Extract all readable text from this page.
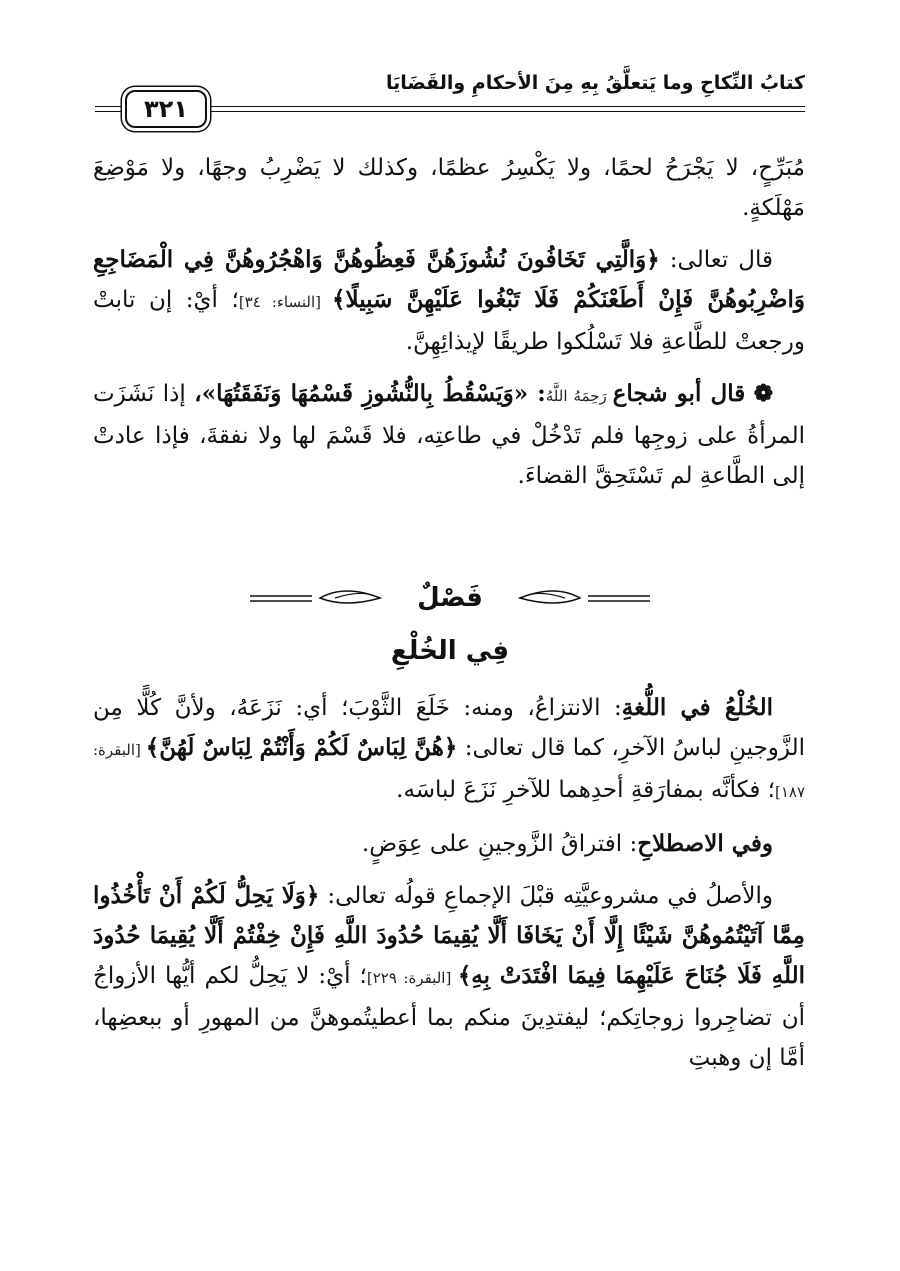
كتابُ النِّكاحِ وما يَتعلَّقُ بِهِ مِنَ الأحكامِ والقَضَايَا
٣٢١

مُبَرِّحٍ، لا يَجْرَحُ لحمًا، ولا يَكْسِرُ عظمًا، وكذلك لا يَضْرِبُ وجهًا، ولا مَوْضِعَ مَهْلَكةٍ.

قال تعالى: ﴿وَالَّتِي تَخَافُونَ نُشُوزَهُنَّ فَعِظُوهُنَّ وَاهْجُرُوهُنَّ فِي الْمَضَاجِعِ وَاضْرِبُوهُنَّ فَإِنْ أَطَعْنَكُمْ فَلَا تَبْغُوا عَلَيْهِنَّ سَبِيلًا﴾ [النساء: ٣٤]؛ أيْ: إن تابتْ ورجعتْ للطَّاعةِ فلا تَسْلُكوا طريقًا لإيذائِهِنَّ.

❁ قال أبو شجاع رَحِمَهُ اللَّهُ: «وَيَسْقُطُ بِالنُّشُوزِ قَسْمُهَا وَنَفَقَتُهَا»، إذا نَشَزَت المرأةُ على زوجِها فلم تَدْخُلْ في طاعتِه، فلا قَسْمَ لها ولا نفقةَ، فإذا عادتْ إلى الطَّاعةِ لم تَسْتَحِقَّ القضاءَ.

فَصْلٌ
فِي الخُلْعِ

الخُلْعُ في اللُّغةِ: الانتزاعُ، ومنه: خَلَعَ الثَّوْبَ؛ أي: نَزَعَهُ، ولأنَّ كُلًّا مِن الزَّوجينِ لباسُ الآخرِ، كما قال تعالى: ﴿هُنَّ لِبَاسٌ لَكُمْ وَأَنْتُمْ لِبَاسٌ لَهُنَّ﴾ [البقرة: ١٨٧]؛ فكأنَّه بمفارَقةِ أحدِهما للآخرِ نَزَعَ لباسَه.

وفي الاصطلاحِ: افتراقُ الزَّوجينِ على عِوَضٍ.

والأصلُ في مشروعيَّتِه قبْلَ الإجماعِ قولُه تعالى: ﴿وَلَا يَحِلُّ لَكُمْ أَنْ تَأْخُذُوا مِمَّا آتَيْتُمُوهُنَّ شَيْئًا إِلَّا أَنْ يَخَافَا أَلَّا يُقِيمَا حُدُودَ اللَّهِ فَإِنْ خِفْتُمْ أَلَّا يُقِيمَا حُدُودَ اللَّهِ فَلَا جُنَاحَ عَلَيْهِمَا فِيمَا افْتَدَتْ بِهِ﴾ [البقرة: ٢٢٩]؛ أيْ: لا يَحِلُّ لكم أيُّها الأزواجُ أن تضاجِروا زوجاتِكم؛ ليفتدِينَ منكم بما أعطيتُموهنَّ من المهورِ أو ببعضِها، أمَّا إن وهبتِ
